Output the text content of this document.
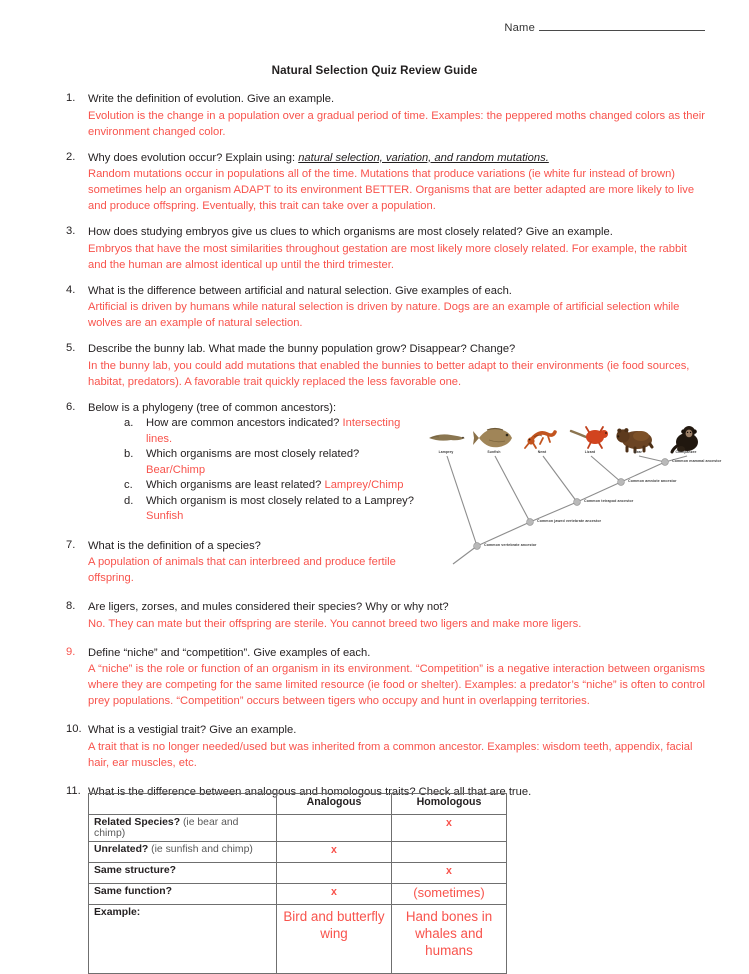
Name
Natural Selection Quiz Review Guide
1.	Write the definition of evolution. Give an example.
Evolution is the change in a population over a gradual period of time. Examples: the peppered moths changed colors as their environment changed color.
2.	Why does evolution occur? Explain using: natural selection, variation, and random mutations.
Random mutations occur in populations all of the time. Mutations that produce variations (ie white fur instead of brown) sometimes help an organism ADAPT to its environment BETTER. Organisms that are better adapted are more likely to live and produce offspring. Eventually, this trait can take over a population.
3.	How does studying embryos give us clues to which organisms are most closely related? Give an example.
Embryos that have the most similarities throughout gestation are most likely more closely related. For example, the rabbit and the human are almost identical up until the third trimester.
4.	What is the difference between artificial and natural selection. Give examples of each.
Artificial is driven by humans while natural selection is driven by nature. Dogs are an example of artificial selection while wolves are an example of natural selection.
5.	Describe the bunny lab. What made the bunny population grow? Disappear? Change?
In the bunny lab, you could add mutations that enabled the bunnies to better adapt to their environments (ie food sources, habitat, predators). A favorable trait quickly replaced the less favorable one.
6.	Below is a phylogeny (tree of common ancestors):
a.	How are common ancestors indicated? Intersecting lines.
b.	Which organisms are most closely related? Bear/Chimp
c.	Which organisms are least related? Lamprey/Chimp
d.	Which organism is most closely related to a Lamprey? Sunfish
7.	What is the definition of a species?
A population of animals that can interbreed and produce fertile offspring.
8.	Are ligers, zorses, and mules considered their species? Why or why not?
No. They can mate but their offspring are sterile. You cannot breed two ligers and make more ligers.
9.	Define “niche” and “competition”. Give examples of each.
A “niche” is the role or function of an organism in its environment. “Competition” is a negative interaction between organisms where they are competing for the same limited resource (ie food or shelter). Examples: a predator’s “niche” is often to control prey populations. “Competition” occurs between tigers who occupy and hunt in overlapping territories.
10. What is a vestigial trait? Give an example.
A trait that is no longer needed/used but was inherited from a common ancestor. Examples: wisdom teeth, appendix, facial hair, ear muscles, etc.
11. What is the difference between analogous and homologous traits? Check all that are true.
Lamprey	Sunfish	Newt	Lizard	Bear	Chimpanzee
Common mammal ancestor
Common amniote ancestor
Common tetrapod ancestor
Common jawed vertebrate ancestor
Common vertebrate ancestor
	Analogous	Homologous
Related Species? (ie bear and chimp)		x
Unrelated? (ie sunfish and chimp)	x	
Same structure?		x
Same function?	x	(sometimes)
Example:	Bird and butterfly wing	Hand bones in whales and humans
